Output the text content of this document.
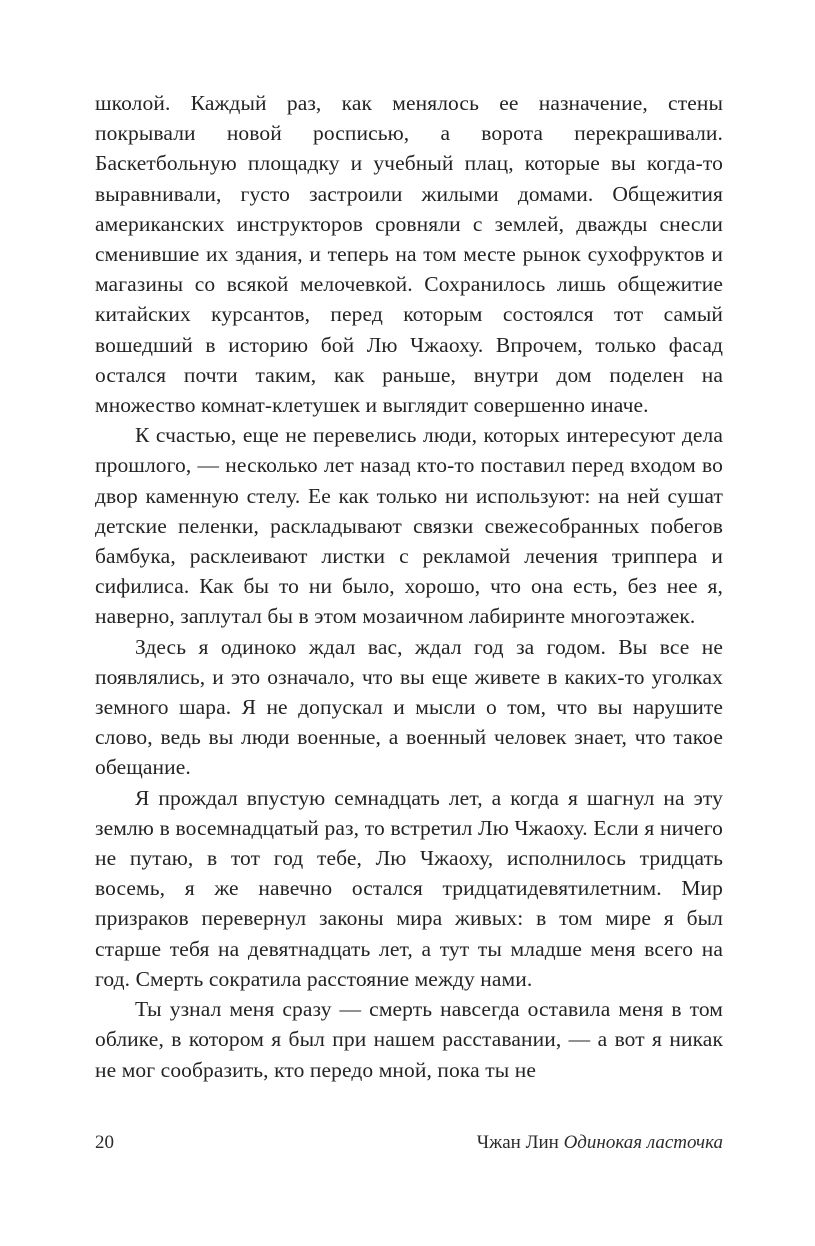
школой. Каждый раз, как менялось ее назначение, стены покрывали новой росписью, а ворота перекрашивали. Баскетбольную площадку и учебный плац, которые вы когда-то выравнивали, густо застроили жилыми домами. Общежития американских инструкторов сровняли с землей, дважды снесли сменившие их здания, и теперь на том месте рынок сухофруктов и магазины со всякой мелочевкой. Сохранилось лишь общежитие китайских курсантов, перед которым состоялся тот самый вошедший в историю бой Лю Чжаоху. Впрочем, только фасад остался почти таким, как раньше, внутри дом поделен на множество комнат-клетушек и выглядит совершенно иначе.

К счастью, еще не перевелись люди, которых интересуют дела прошлого, — несколько лет назад кто-то поставил перед входом во двор каменную стелу. Ее как только ни используют: на ней сушат детские пеленки, раскладывают связки свежесобранных побегов бамбука, расклеивают листки с рекламой лечения триппера и сифилиса. Как бы то ни было, хорошо, что она есть, без нее я, наверно, заплутал бы в этом мозаичном лабиринте многоэтажек.

Здесь я одиноко ждал вас, ждал год за годом. Вы все не появлялись, и это означало, что вы еще живете в каких-то уголках земного шара. Я не допускал и мысли о том, что вы нарушите слово, ведь вы люди военные, а военный человек знает, что такое обещание.

Я прождал впустую семнадцать лет, а когда я шагнул на эту землю в восемнадцатый раз, то встретил Лю Чжаоху. Если я ничего не путаю, в тот год тебе, Лю Чжаоху, исполнилось тридцать восемь, я же навечно остался тридцатидевятилетним. Мир призраков перевернул законы мира живых: в том мире я был старше тебя на девятнадцать лет, а тут ты младше меня всего на год. Смерть сократила расстояние между нами.

Ты узнал меня сразу — смерть навсегда оставила меня в том облике, в котором я был при нашем расставании, — а вот я никак не мог сообразить, кто передо мной, пока ты не

20	Чжан Лин Одинокая ласточка
